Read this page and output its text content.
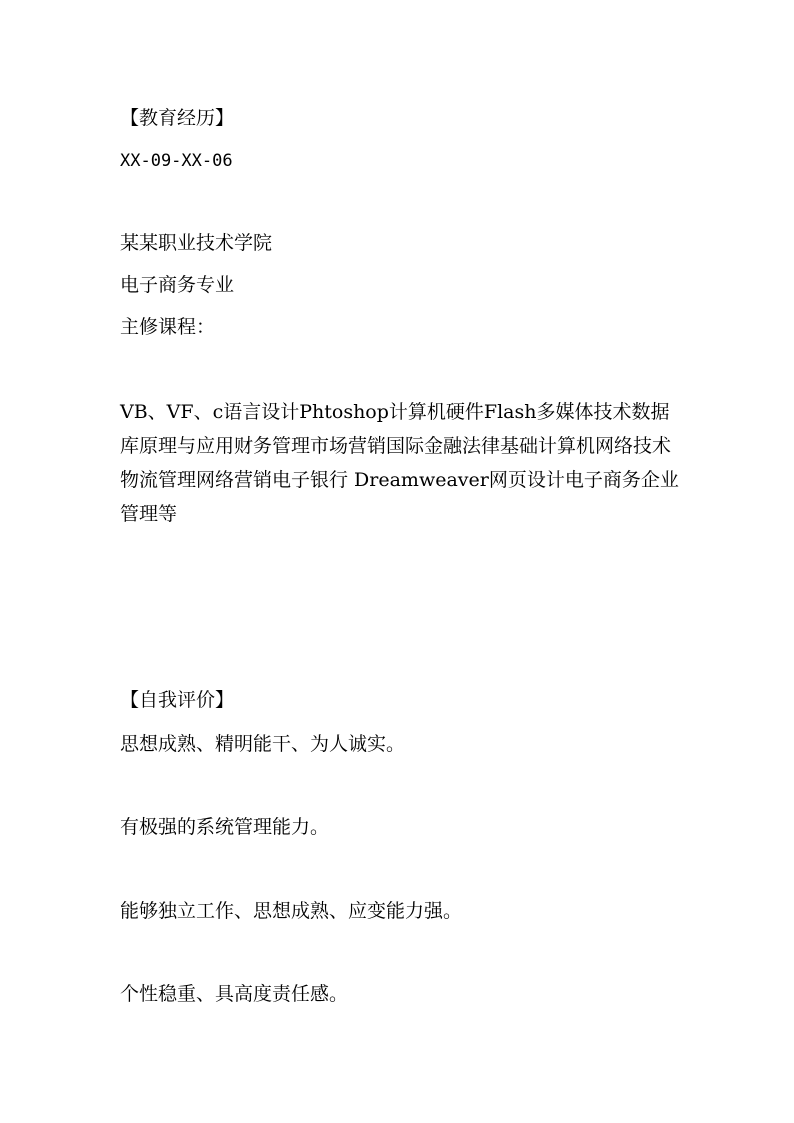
【教育经历】

XX-09-XX-06

某某职业技术学院

电子商务专业

主修课程：

VB、VF、c语言设计Phtoshop计算机硬件Flash多媒体技术数据库原理与应用财务管理市场营销国际金融法律基础计算机网络技术物流管理网络营销电子银行 Dreamweaver网页设计电子商务企业管理等

【自我评价】

思想成熟、精明能干、为人诚实。

有极强的系统管理能力。

能够独立工作、思想成熟、应变能力强。

个性稳重、具高度责任感。
